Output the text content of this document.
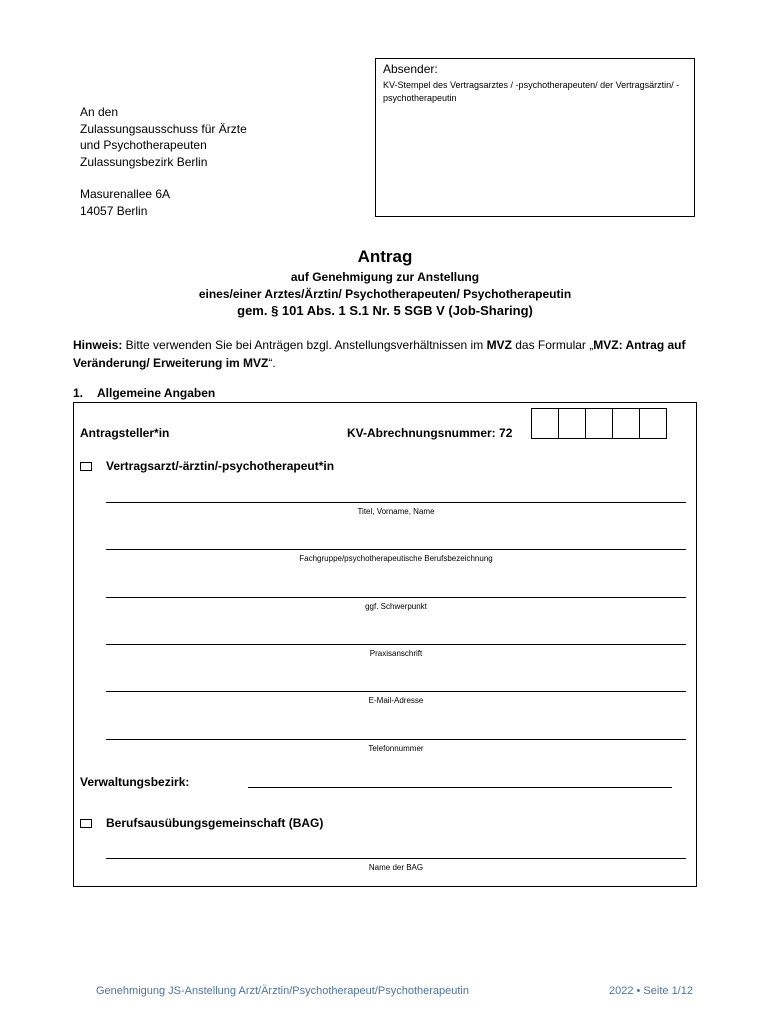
An den
Zulassungsausschuss für Ärzte
und Psychotherapeuten
Zulassungsbezirk Berlin
Masurenallee 6A
14057 Berlin
Absender:
KV-Stempel des Vertragsarztes / -psychotherapeuten/ der Vertragsärztin/ -psychotherapeutin
Antrag
auf Genehmigung zur Anstellung
eines/einer Arztes/Ärztin/ Psychotherapeuten/ Psychotherapeutin
gem. § 101 Abs. 1 S.1 Nr. 5 SGB V (Job-Sharing)
Hinweis: Bitte verwenden Sie bei Anträgen bzgl. Anstellungsverhältnissen im MVZ das Formular „MVZ: Antrag auf Veränderung/ Erweiterung im MVZ“.
1. Allgemeine Angaben
Antragsteller*in	KV-Abrechnungsnummer: 72
Vertragsarzt/-ärztin/-psychotherapeut*in
Titel, Vorname, Name
Fachgruppe/psychotherapeutische Berufsbezeichnung
ggf. Schwerpunkt
Praxisanschrift
E-Mail-Adresse
Telefonnummer
Verwaltungsbezirk:
Berufsausübungsgemeinschaft (BAG)
Name der BAG
Genehmigung JS-Anstellung Arzt/Ärztin/Psychotherapeut/Psychotherapeutin	2022 • Seite 1/12
